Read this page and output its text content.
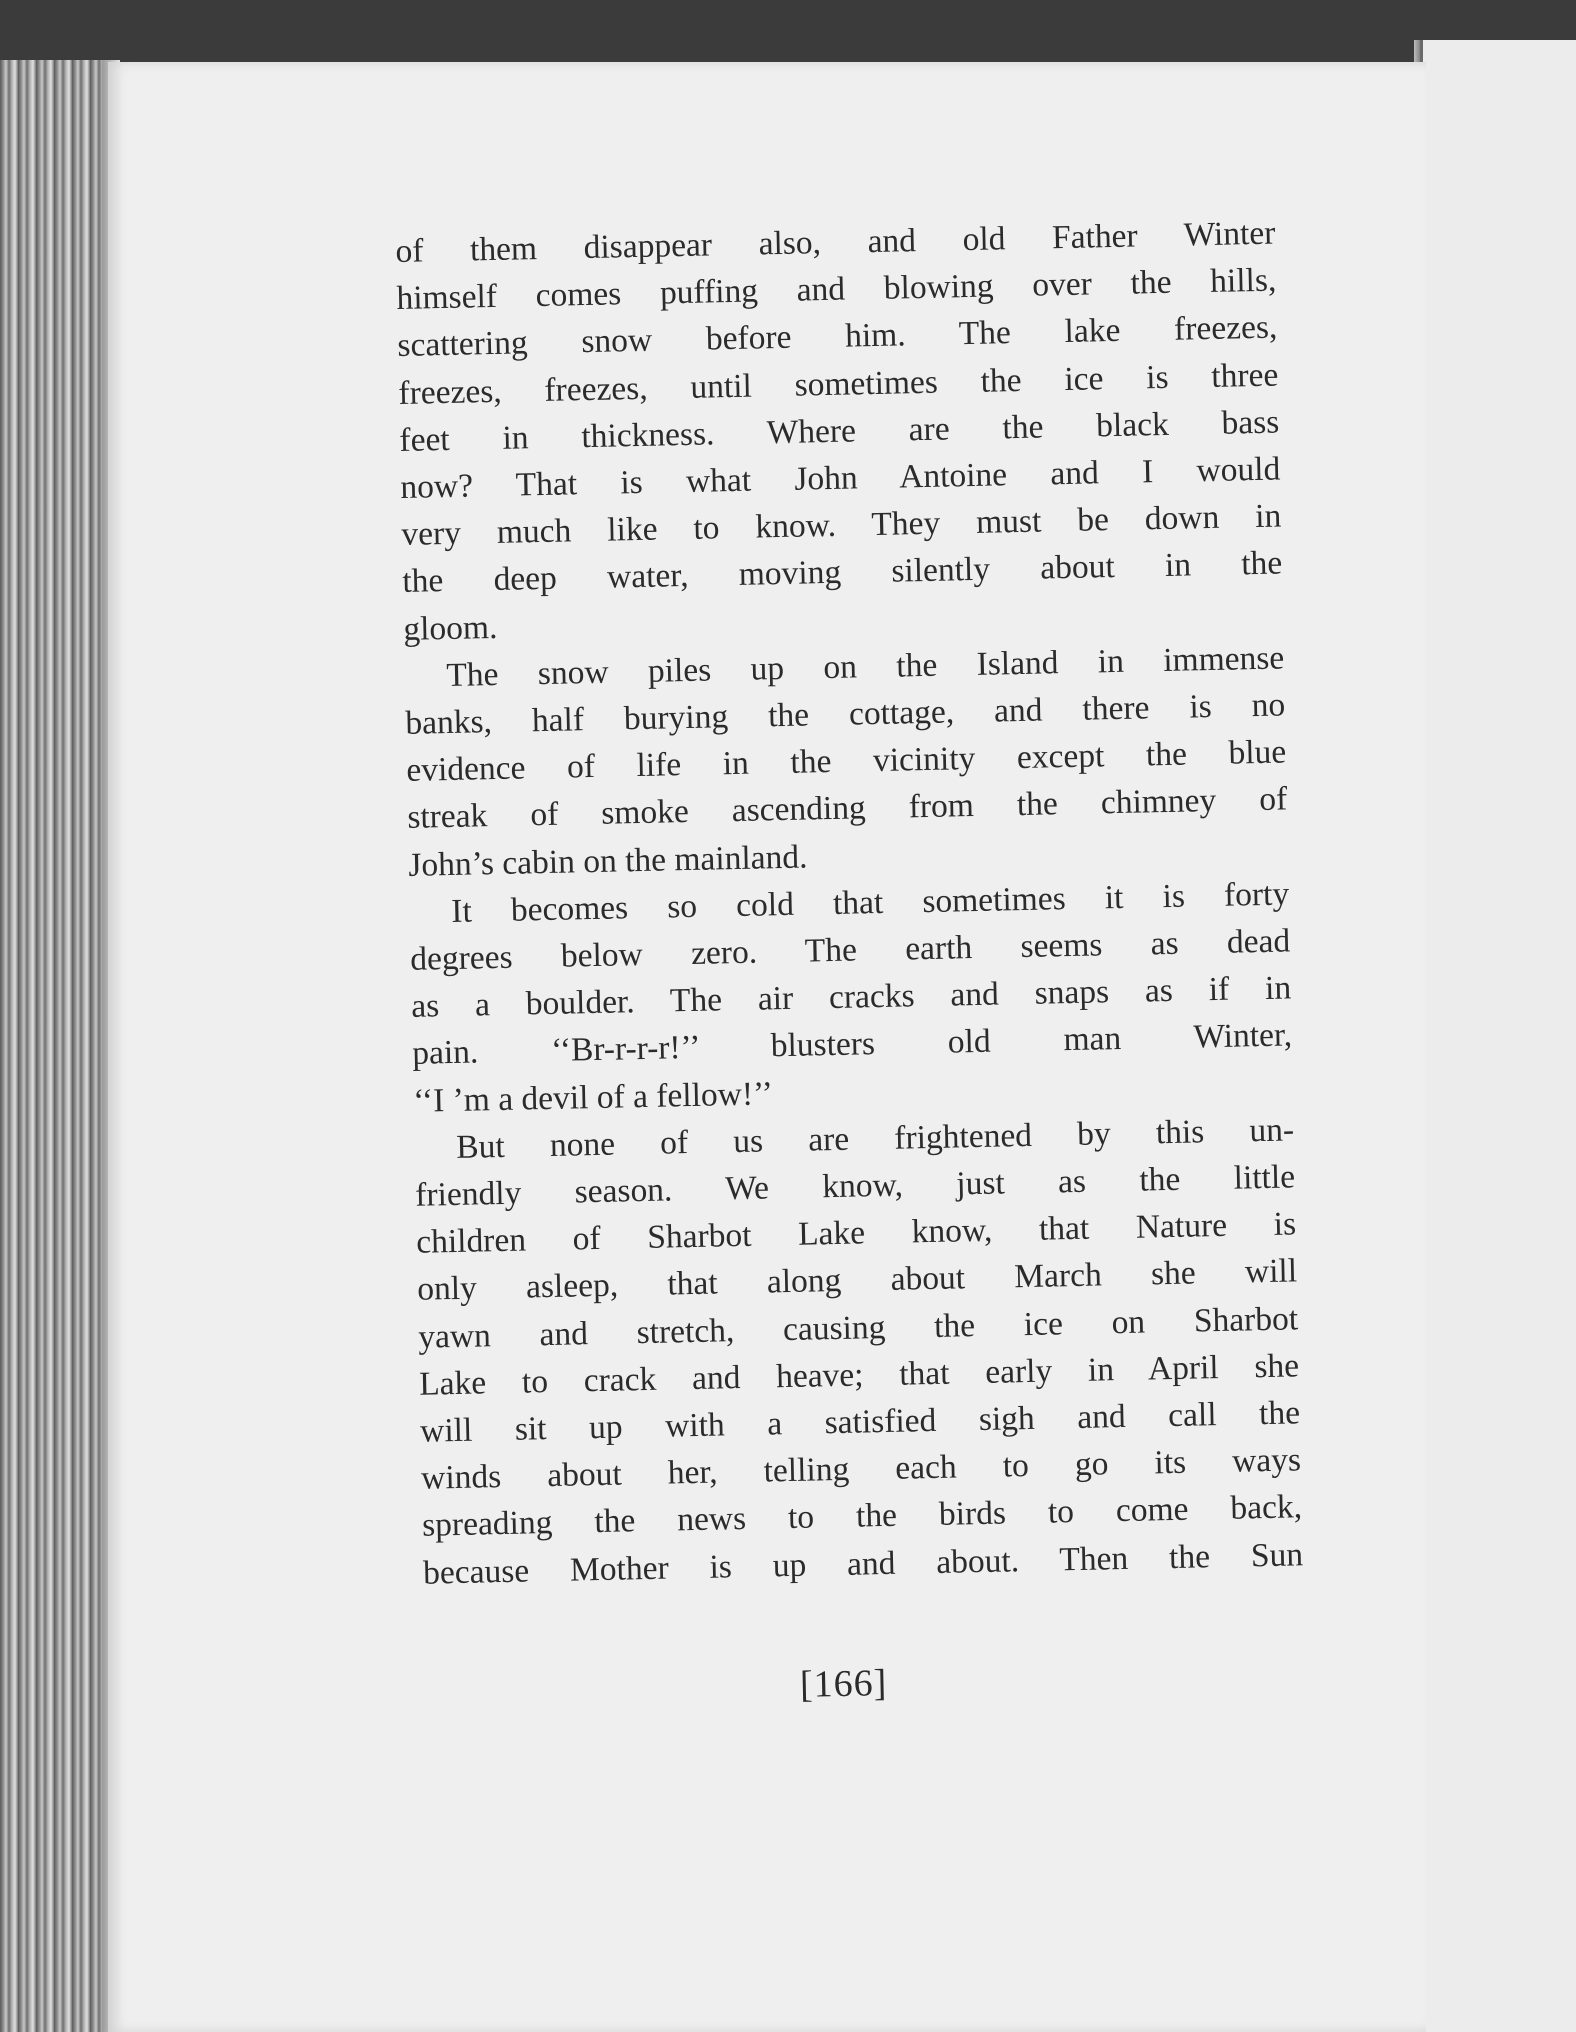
of them disappear also, and old Father Winter
himself comes puffing and blowing over the hills,
scattering snow before him. The lake freezes,
freezes, freezes, until sometimes the ice is three
feet in thickness. Where are the black bass
now? That is what John Antoine and I would
very much like to know. They must be down in
the deep water, moving silently about in the
gloom.

The snow piles up on the Island in immense
banks, half burying the cottage, and there is no
evidence of life in the vicinity except the blue
streak of smoke ascending from the chimney of
John’s cabin on the mainland.

It becomes so cold that sometimes it is forty
degrees below zero. The earth seems as dead
as a boulder. The air cracks and snaps as if in
pain. ‘‘Br-r-r-r!’’ blusters old man Winter,
‘‘I ’m a devil of a fellow!’’

But none of us are frightened by this un-
friendly season. We know, just as the little
children of Sharbot Lake know, that Nature is
only asleep, that along about March she will
yawn and stretch, causing the ice on Sharbot
Lake to crack and heave; that early in April she
will sit up with a satisfied sigh and call the
winds about her, telling each to go its ways
spreading the news to the birds to come back,
because Mother is up and about. Then the Sun

[166]
